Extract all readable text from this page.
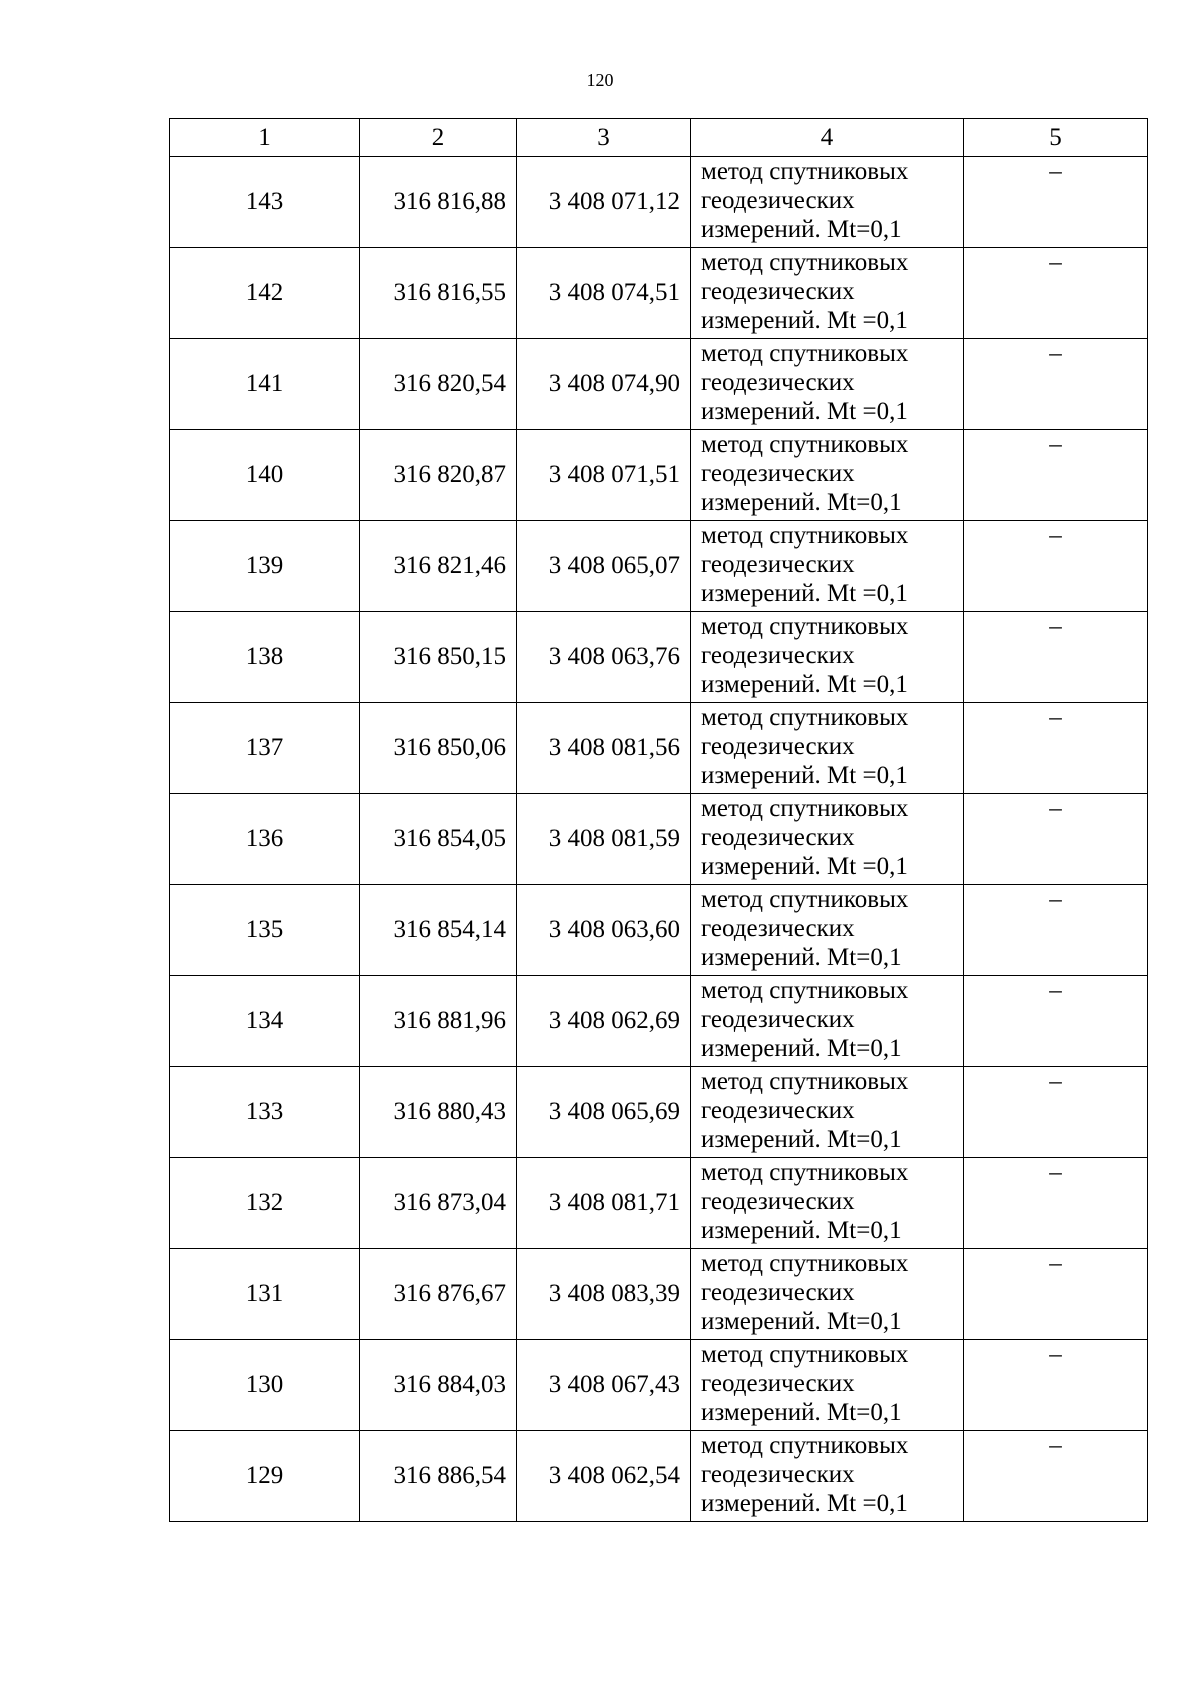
120
1	2	3	4	5
143	316 816,88	3 408 071,12	метод спутниковых
геодезических
измерений. Mt=0,1	–
142	316 816,55	3 408 074,51	метод спутниковых
геодезических
измерений. Mt =0,1	–
141	316 820,54	3 408 074,90	метод спутниковых
геодезических
измерений. Mt =0,1	–
140	316 820,87	3 408 071,51	метод спутниковых
геодезических
измерений. Mt=0,1	–
139	316 821,46	3 408 065,07	метод спутниковых
геодезических
измерений. Mt =0,1	–
138	316 850,15	3 408 063,76	метод спутниковых
геодезических
измерений. Mt =0,1	–
137	316 850,06	3 408 081,56	метод спутниковых
геодезических
измерений. Mt =0,1	–
136	316 854,05	3 408 081,59	метод спутниковых
геодезических
измерений. Mt =0,1	–
135	316 854,14	3 408 063,60	метод спутниковых
геодезических
измерений. Mt=0,1	–
134	316 881,96	3 408 062,69	метод спутниковых
геодезических
измерений. Mt=0,1	–
133	316 880,43	3 408 065,69	метод спутниковых
геодезических
измерений. Mt=0,1	–
132	316 873,04	3 408 081,71	метод спутниковых
геодезических
измерений. Mt=0,1	–
131	316 876,67	3 408 083,39	метод спутниковых
геодезических
измерений. Mt=0,1	–
130	316 884,03	3 408 067,43	метод спутниковых
геодезических
измерений. Mt=0,1	–
129	316 886,54	3 408 062,54	метод спутниковых
геодезических
измерений. Mt =0,1	–
